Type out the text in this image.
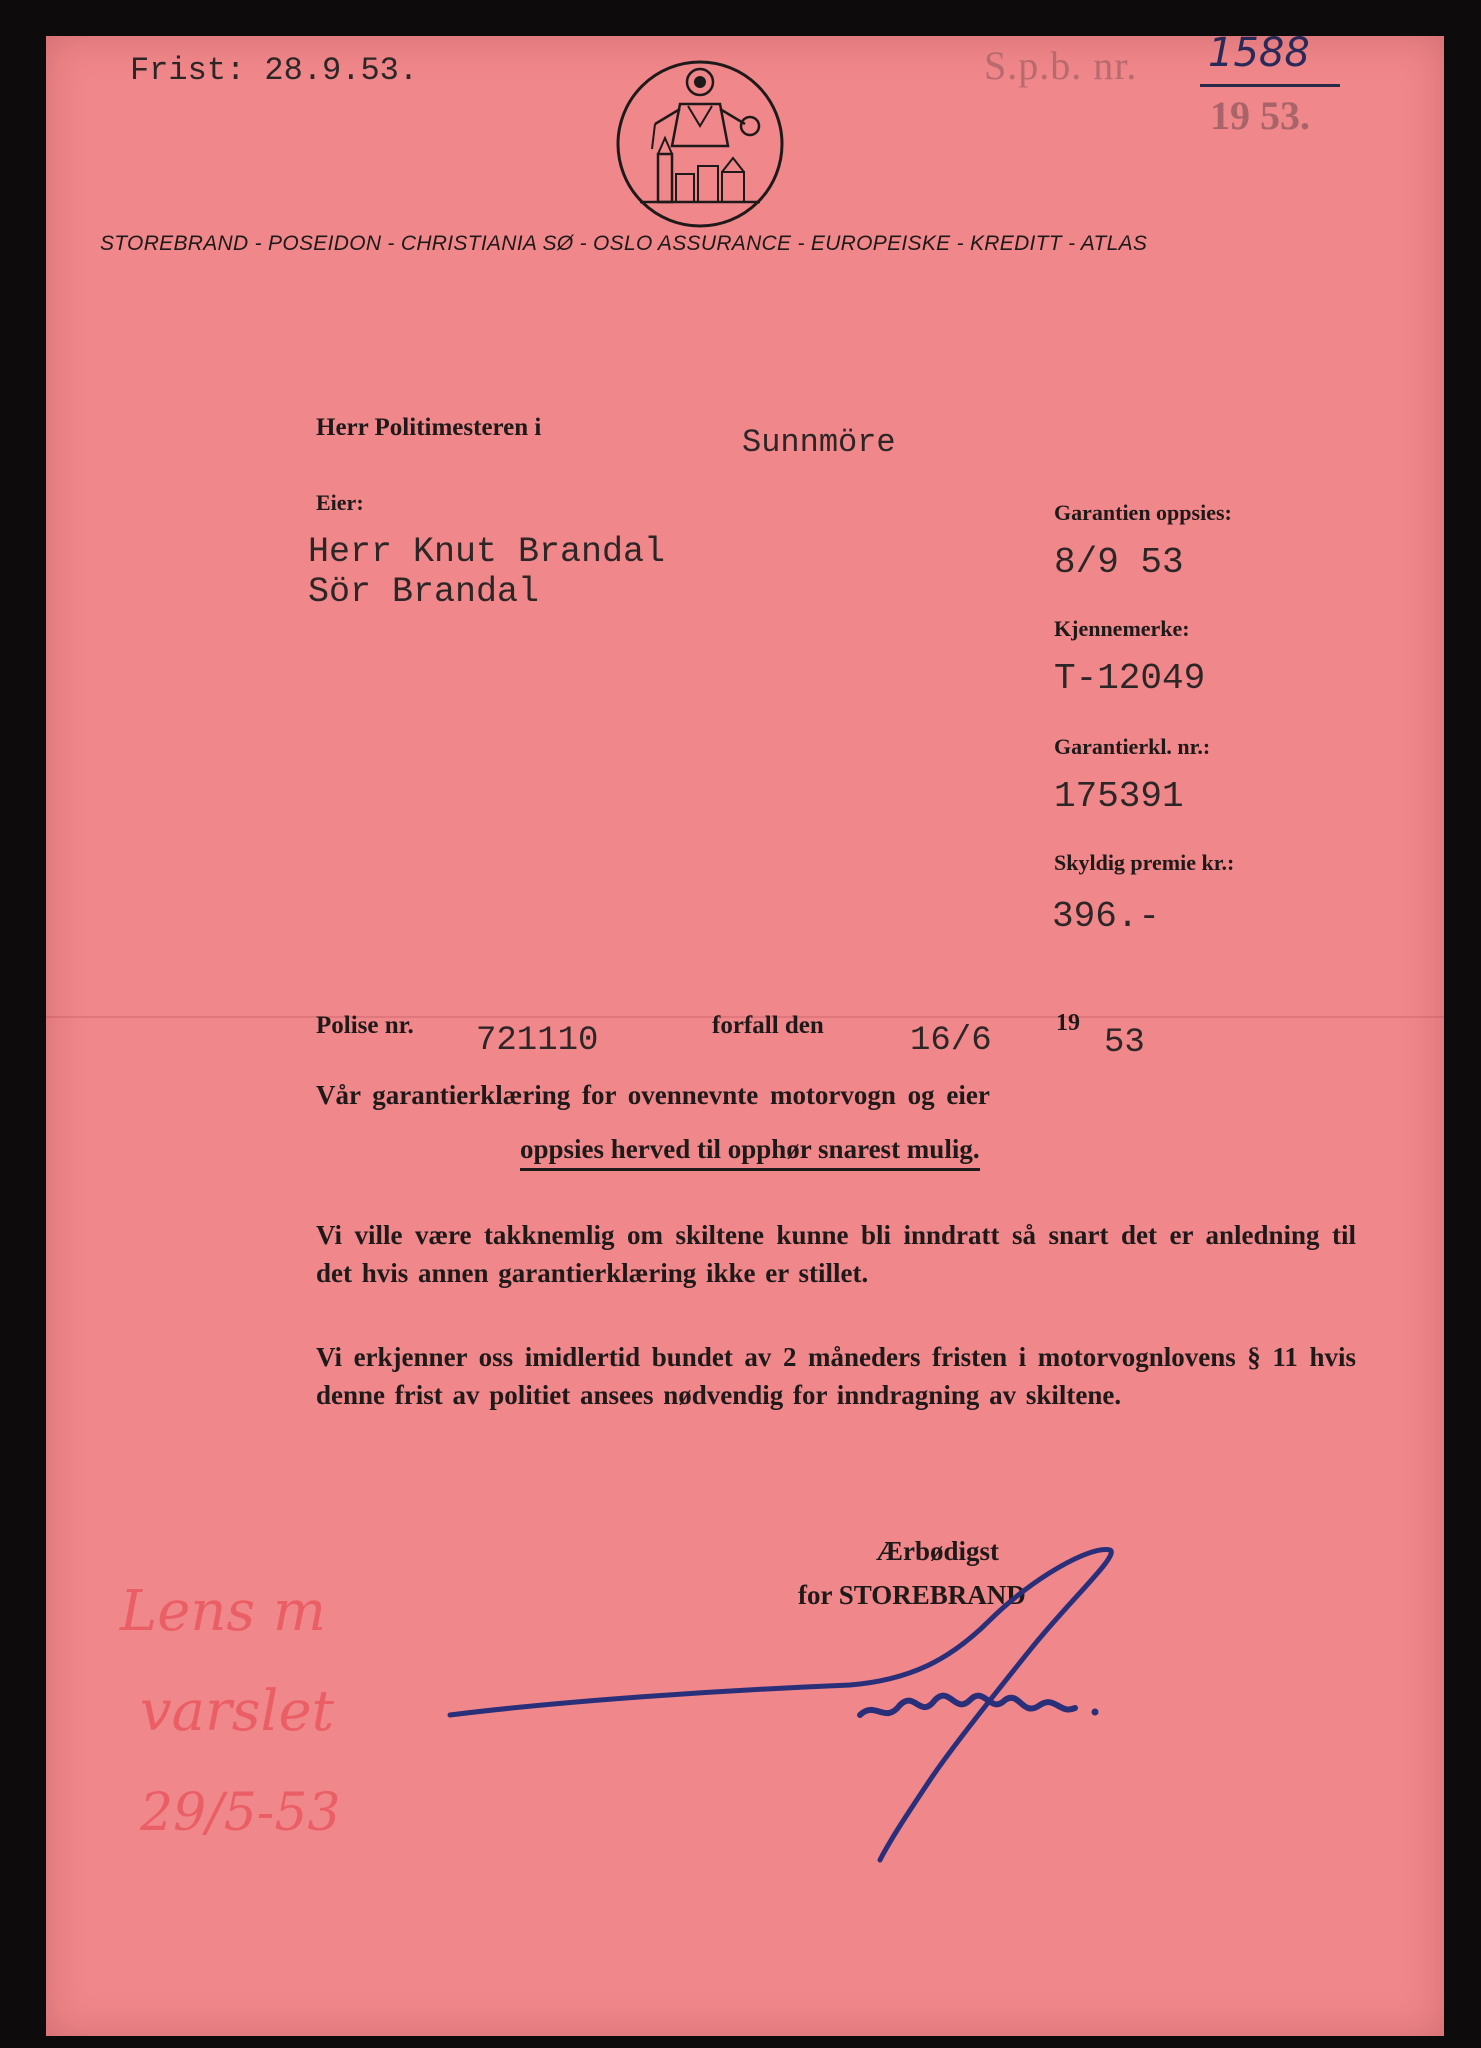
Frist: 28.9.53.	S.p.b. nr. 1588
19 53.
STOREBRAND - POSEIDON - CHRISTIANIA SØ - OSLO ASSURANCE - EUROPEISKE - KREDITT - ATLAS
Herr Politimesteren i	Sunnmöre
Eier:
Herr Knut Brandal
Sör Brandal
Garantien oppsies:
8/9 53
Kjennemerke:
T-12049
Garantierkl. nr.:
175391
Skyldig premie kr.:
396.-
Polise nr. 721110	forfall den	16/6	19
53
Vår garantierklæring for ovennevnte motorvogn og eier
oppsies herved til opphør snarest mulig.
Vi ville være takknemlig om skiltene kunne bli inndratt så snart det er anledning til det hvis annen garantierklæring ikke er stillet.
Vi erkjenner oss imidlertid bundet av 2 måneders fristen i motorvognlovens § 11 hvis denne frist av politiet ansees nødvendig for inndragning av skiltene.
Ærbødigst
for STOREBRAND
Lens m
varslet
29/5-53
